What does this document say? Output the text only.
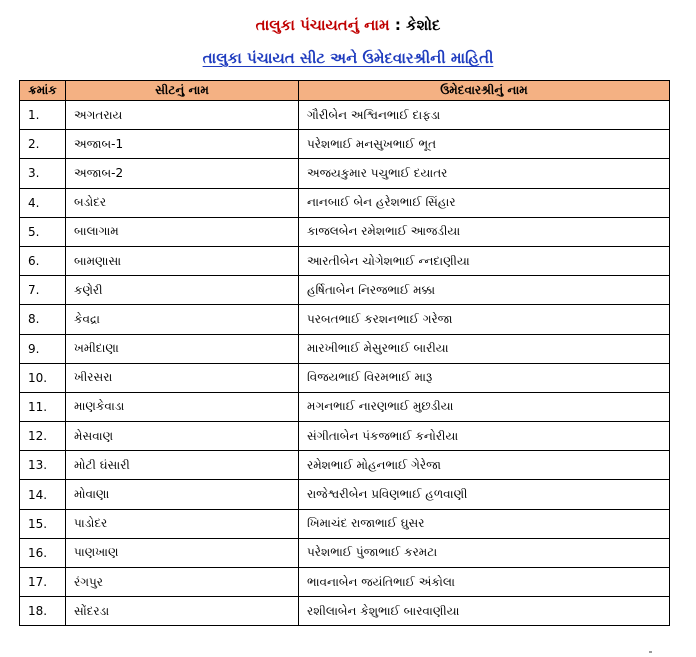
તાલુકા પંચાયતનું નામ : કેશોદ
તાલુકા પંચાયત સીટ અને ઉમેદવારશ્રીની માહિતી
ક્રમાંક	સીટનું નામ	ઉમેદવારશ્રીનું નામ
1.	અગતરાય	ગૌરીબેન અશ્વિનભાઈ દાફડા
2.	અજાબ-1	પરેશભાઈ મનસુખભાઈ ભૂત
3.	અજાબ-2	અજયકુમાર પચુભાઈ દયાતર
4.	બડોદર	નાનબાઈ બેન હરેશભાઈ સિંહાર
5.	બાલાગામ	કાજલબેન રમેશભાઈ આજડીયા
6.	બામણાસા	આરતીબેન ચોગેશભાઈ ન્નદાણીયા
7.	કણેરી	હર્ષિતાબેન નિરજભાઈ મક્કા
8.	કેવદ્રા	પરબતભાઈ કરશનભાઈ ગરેજા
9.	ખમીદાણા	મારખીભાઈ મેસુરભાઈ બારીયા
10.	ખીરસરા	વિજયભાઈ વિરમભાઈ મારૂ
11.	માણકેવાડા	મગનભાઈ નારણભાઈ મુછડીયા
12.	મેસવાણ	સંગીતાબેન પંકજભાઈ કનોરીયા
13.	મોટી ઘંસારી	રમેશભાઈ મોહનભાઈ ગેરેજા
14.	મોવાણા	રાજેશ્વરીબેન પ્રવિણભાઈ હળવાણી
15.	પાડોદર	ખિમાચંદ રાજાભાઈ ઘુસર
16.	પાણખાણ	પરેશભાઈ પુંજાભાઈ કરમટા
17.	રંગપુર	ભાવનાબેન જયંતિભાઈ અંકોલા
18.	સોંદરડા	રશીલાબેન કેશુભાઈ બારવાણીયા
